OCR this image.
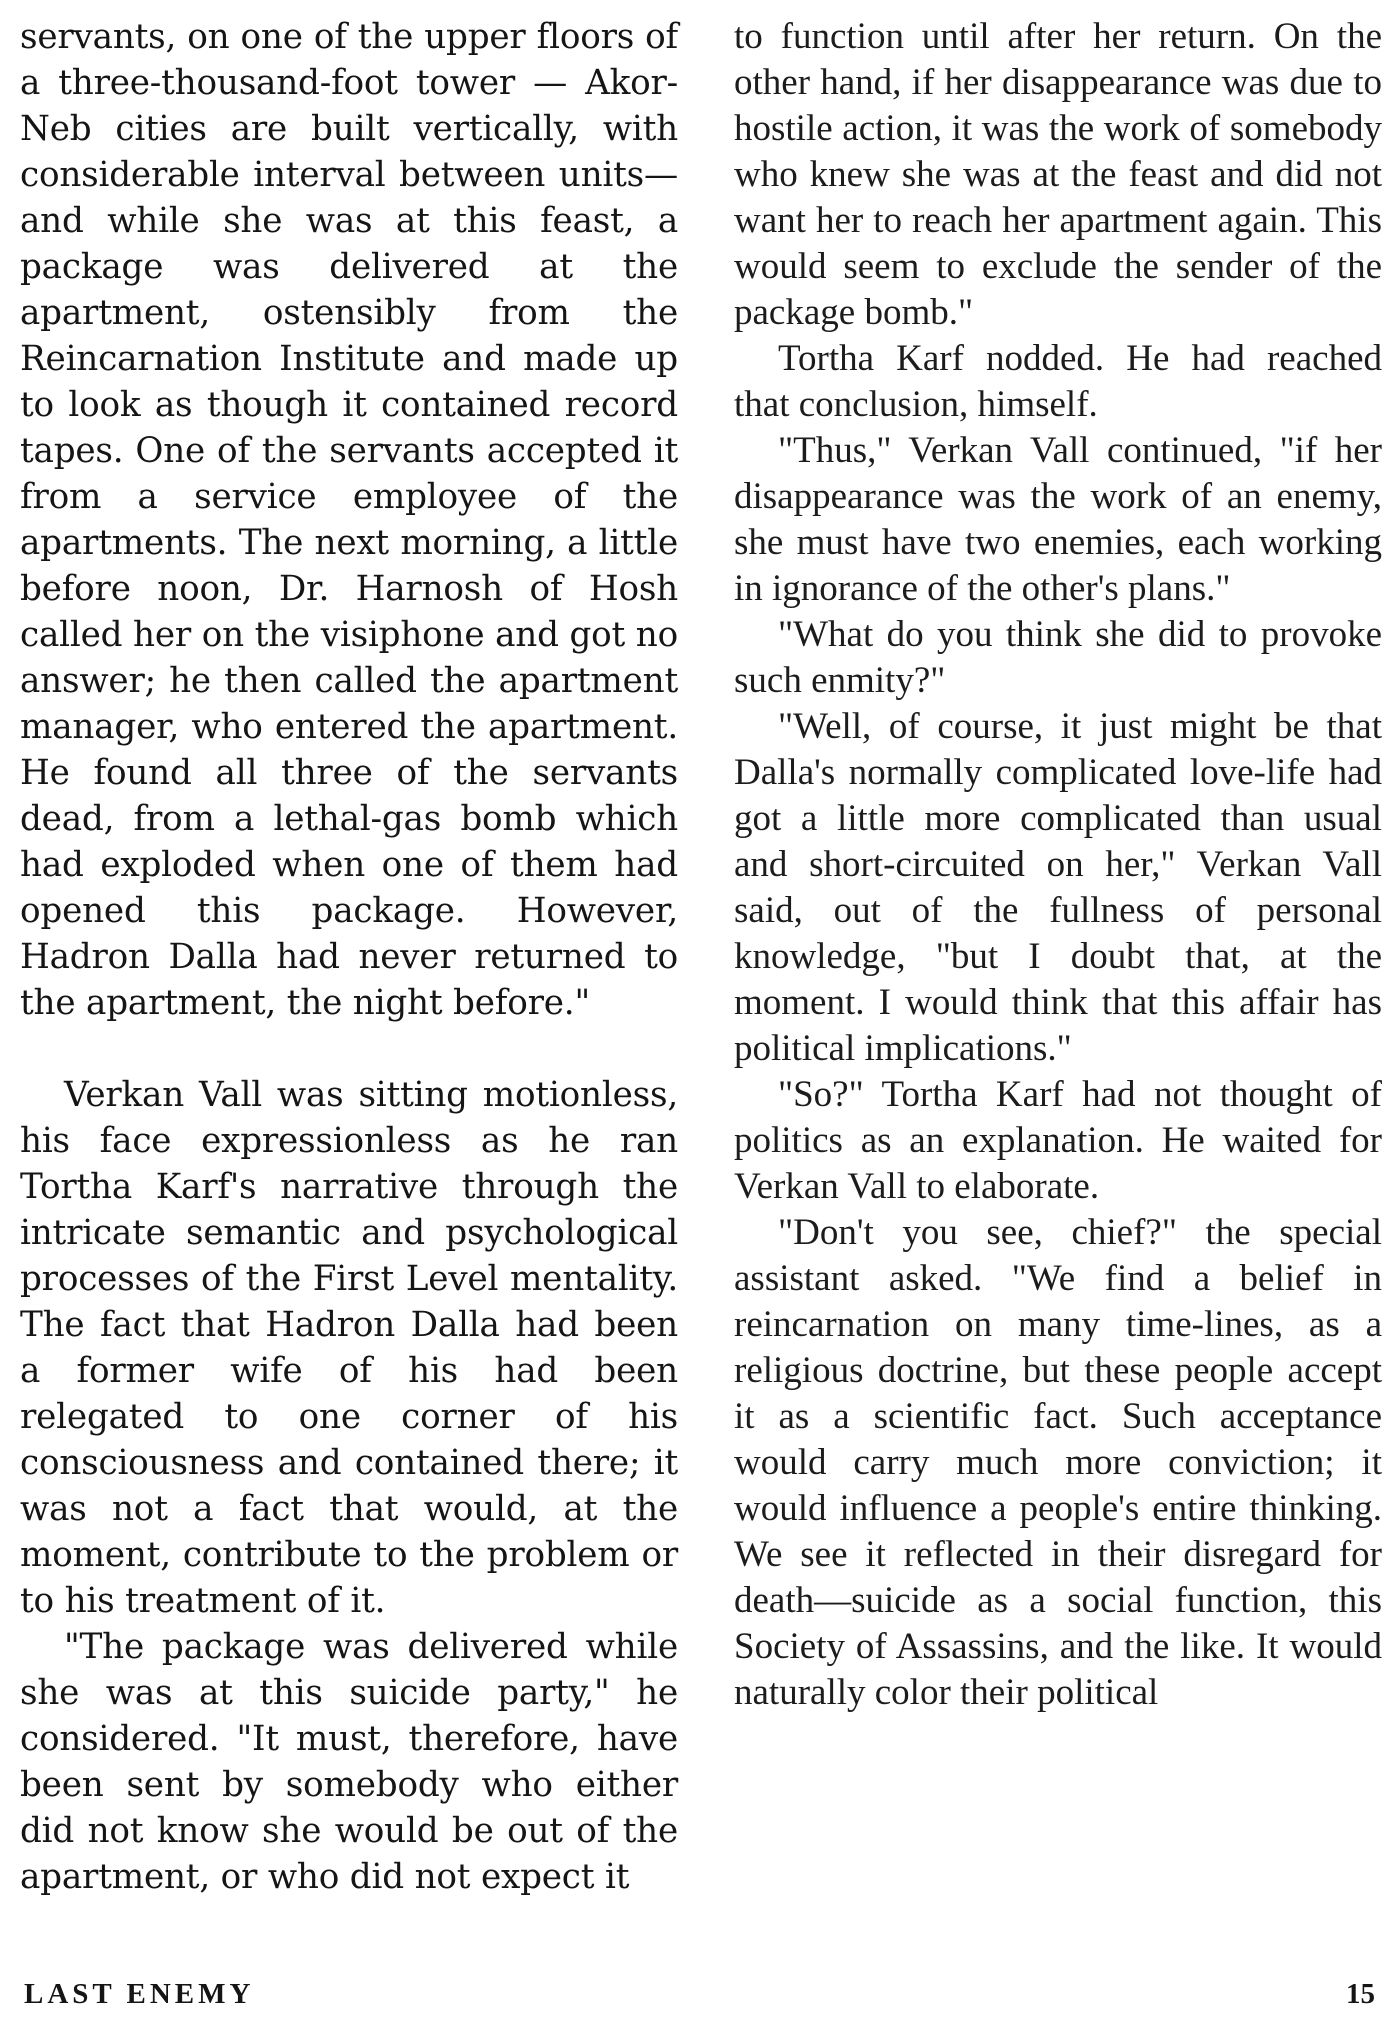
servants, on one of the upper floors of a three-thousand-foot tower — Akor-Neb cities are built vertically, with considerable interval between units—and while she was at this feast, a package was delivered at the apartment, ostensibly from the Reincarnation Institute and made up to look as though it contained record tapes. One of the servants accepted it from a service employee of the apartments. The next morning, a little before noon, Dr. Harnosh of Hosh called her on the visiphone and got no answer; he then called the apartment manager, who entered the apartment. He found all three of the servants dead, from a lethal-gas bomb which had exploded when one of them had opened this package. However, Hadron Dalla had never returned to the apartment, the night before."

Verkan Vall was sitting motionless, his face expressionless as he ran Tortha Karf's narrative through the intricate semantic and psychological processes of the First Level mentality. The fact that Hadron Dalla had been a former wife of his had been relegated to one corner of his consciousness and contained there; it was not a fact that would, at the moment, contribute to the problem or to his treatment of it.

"The package was delivered while she was at this suicide party," he considered. "It must, therefore, have been sent by somebody who either did not know she would be out of the apartment, or who did not expect it

to function until after her return. On the other hand, if her disappearance was due to hostile action, it was the work of somebody who knew she was at the feast and did not want her to reach her apartment again. This would seem to exclude the sender of the package bomb."

Tortha Karf nodded. He had reached that conclusion, himself.

"Thus," Verkan Vall continued, "if her disappearance was the work of an enemy, she must have two enemies, each working in ignorance of the other's plans."

"What do you think she did to provoke such enmity?"

"Well, of course, it just might be that Dalla's normally complicated love-life had got a little more complicated than usual and short-circuited on her," Verkan Vall said, out of the fullness of personal knowledge, "but I doubt that, at the moment. I would think that this affair has political implications."

"So?" Tortha Karf had not thought of politics as an explanation. He waited for Verkan Vall to elaborate.

"Don't you see, chief?" the special assistant asked. "We find a belief in reincarnation on many time-lines, as a religious doctrine, but these people accept it as a scientific fact. Such acceptance would carry much more conviction; it would influence a people's entire thinking. We see it reflected in their disregard for death—suicide as a social function, this Society of Assassins, and the like. It would naturally color their political

LAST ENEMY	15
